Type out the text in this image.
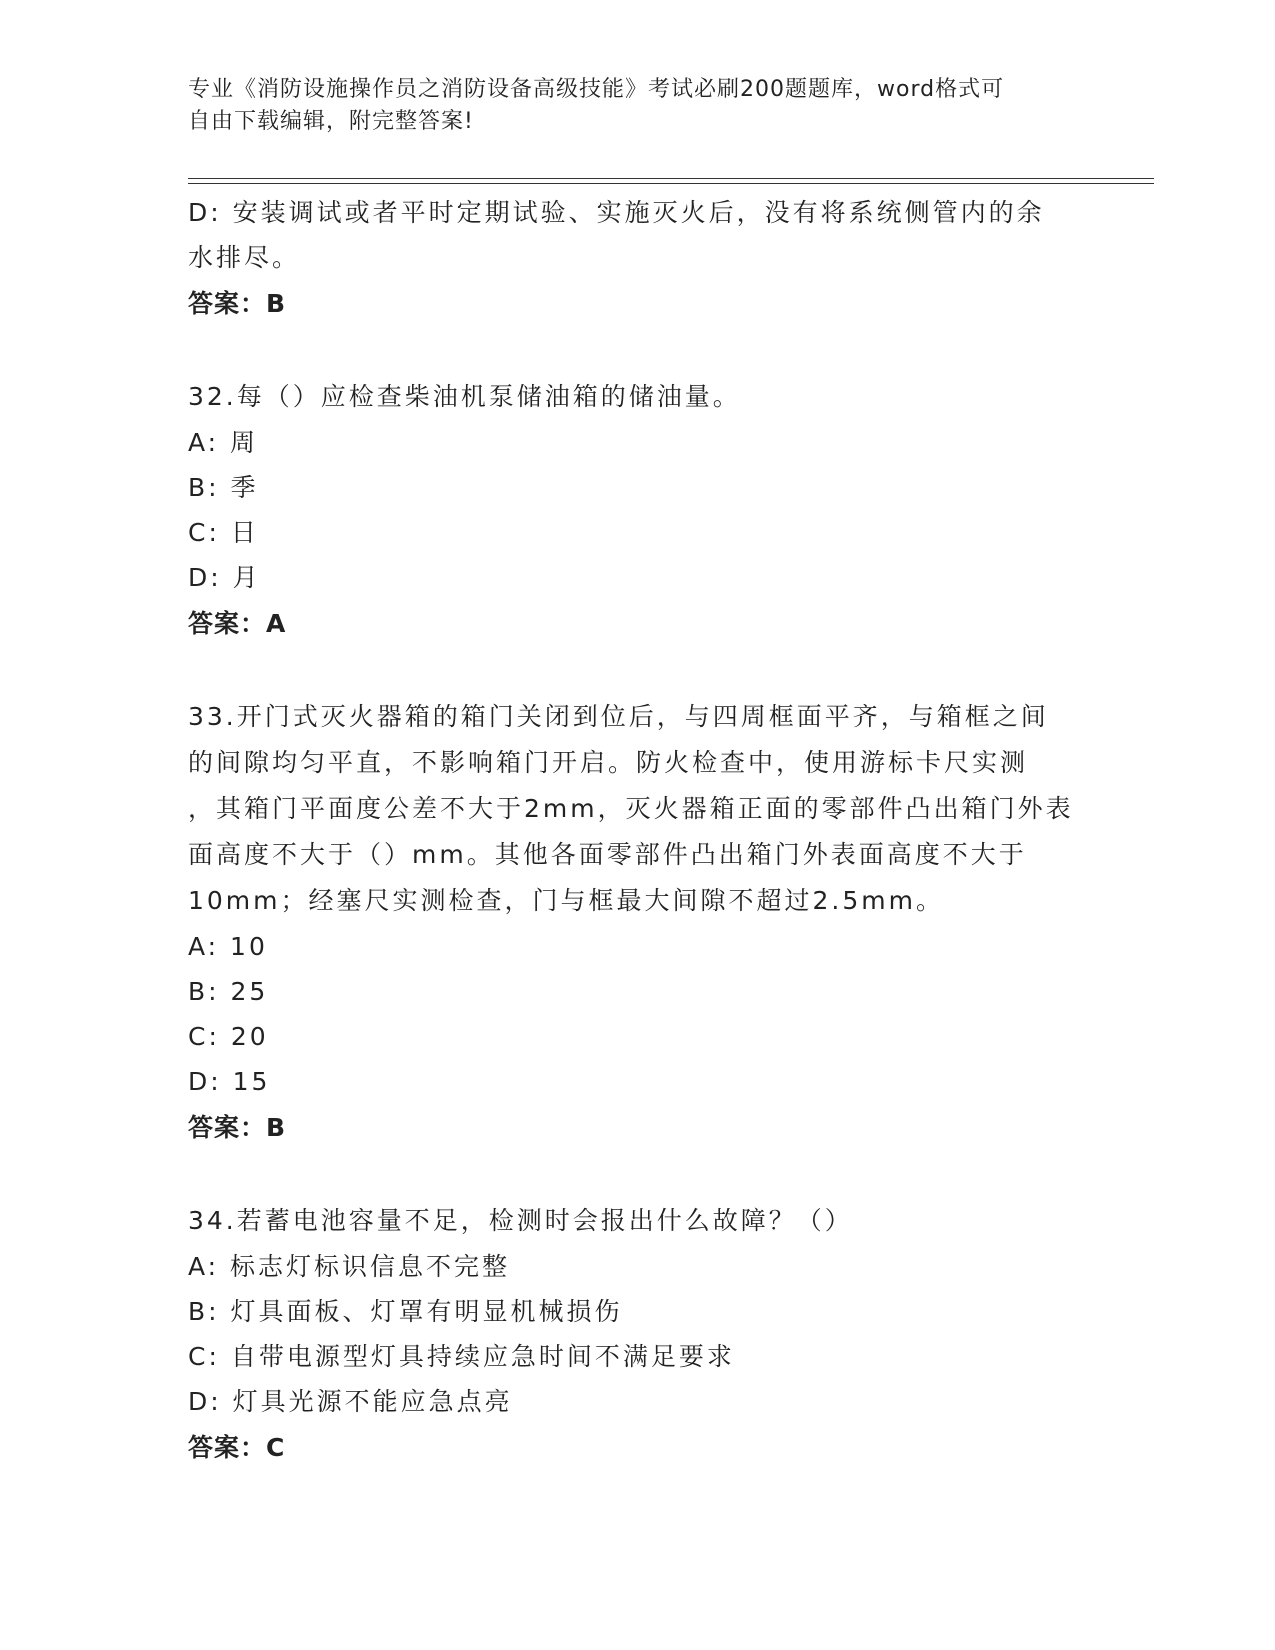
专业《消防设施操作员之消防设备高级技能》考试必刷200题题库，word格式可
自由下载编辑，附完整答案!
D: 安装调试或者平时定期试验、实施灭火后，没有将系统侧管内的余
水排尽。
答案：B
32.每（）应检查柴油机泵储油箱的储油量。
A: 周
B: 季
C: 日
D: 月
答案：A
33.开门式灭火器箱的箱门关闭到位后，与四周框面平齐，与箱框之间
的间隙均匀平直，不影响箱门开启。防火检查中，使用游标卡尺实测
，其箱门平面度公差不大于2mm，灭火器箱正面的零部件凸出箱门外表
面高度不大于（）mm。其他各面零部件凸出箱门外表面高度不大于
10mm；经塞尺实测检查，门与框最大间隙不超过2.5mm。
A: 10
B: 25
C: 20
D: 15
答案：B
34.若蓄电池容量不足，检测时会报出什么故障？（）
A: 标志灯标识信息不完整
B: 灯具面板、灯罩有明显机械损伤
C: 自带电源型灯具持续应急时间不满足要求
D: 灯具光源不能应急点亮
答案：C
